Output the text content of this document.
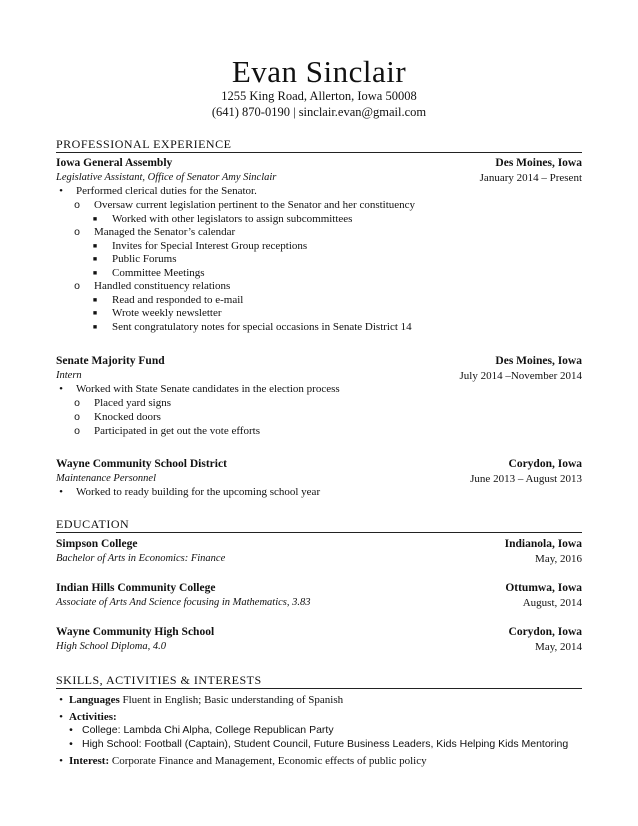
Evan Sinclair
1255 King Road, Allerton, Iowa 50008
(641) 870-0190 | sinclair.evan@gmail.com
PROFESSIONAL EXPERIENCE
Iowa General Assembly	Des Moines, Iowa
Legislative Assistant, Office of Senator Amy Sinclair	January 2014 – Present
• Performed clerical duties for the Senator.
o Oversaw current legislation pertinent to the Senator and her constituency
■ Worked with other legislators to assign subcommittees
o Managed the Senator’s calendar
■ Invites for Special Interest Group receptions
■ Public Forums
■ Committee Meetings
o Handled constituency relations
■ Read and responded to e-mail
■ Wrote weekly newsletter
■ Sent congratulatory notes for special occasions in Senate District 14
Senate Majority Fund	Des Moines, Iowa
Intern	July 2014 –November 2014
• Worked with State Senate candidates in the election process
o Placed yard signs
o Knocked doors
o Participated in get out the vote efforts
Wayne Community School District	Corydon, Iowa
Maintenance Personnel	June 2013 – August 2013
• Worked to ready building for the upcoming school year
EDUCATION
Simpson College	Indianola, Iowa
Bachelor of Arts in Economics: Finance	May, 2016
Indian Hills Community College	Ottumwa, Iowa
Associate of Arts And Science focusing in Mathematics, 3.83	August, 2014
Wayne Community High School	Corydon, Iowa
High School Diploma, 4.0	May, 2014
SKILLS, ACTIVITIES & INTERESTS
• Languages Fluent in English; Basic understanding of Spanish
• Activities:
• College: Lambda Chi Alpha, College Republican Party
• High School: Football (Captain), Student Council, Future Business Leaders, Kids Helping Kids Mentoring
• Interest: Corporate Finance and Management, Economic effects of public policy
